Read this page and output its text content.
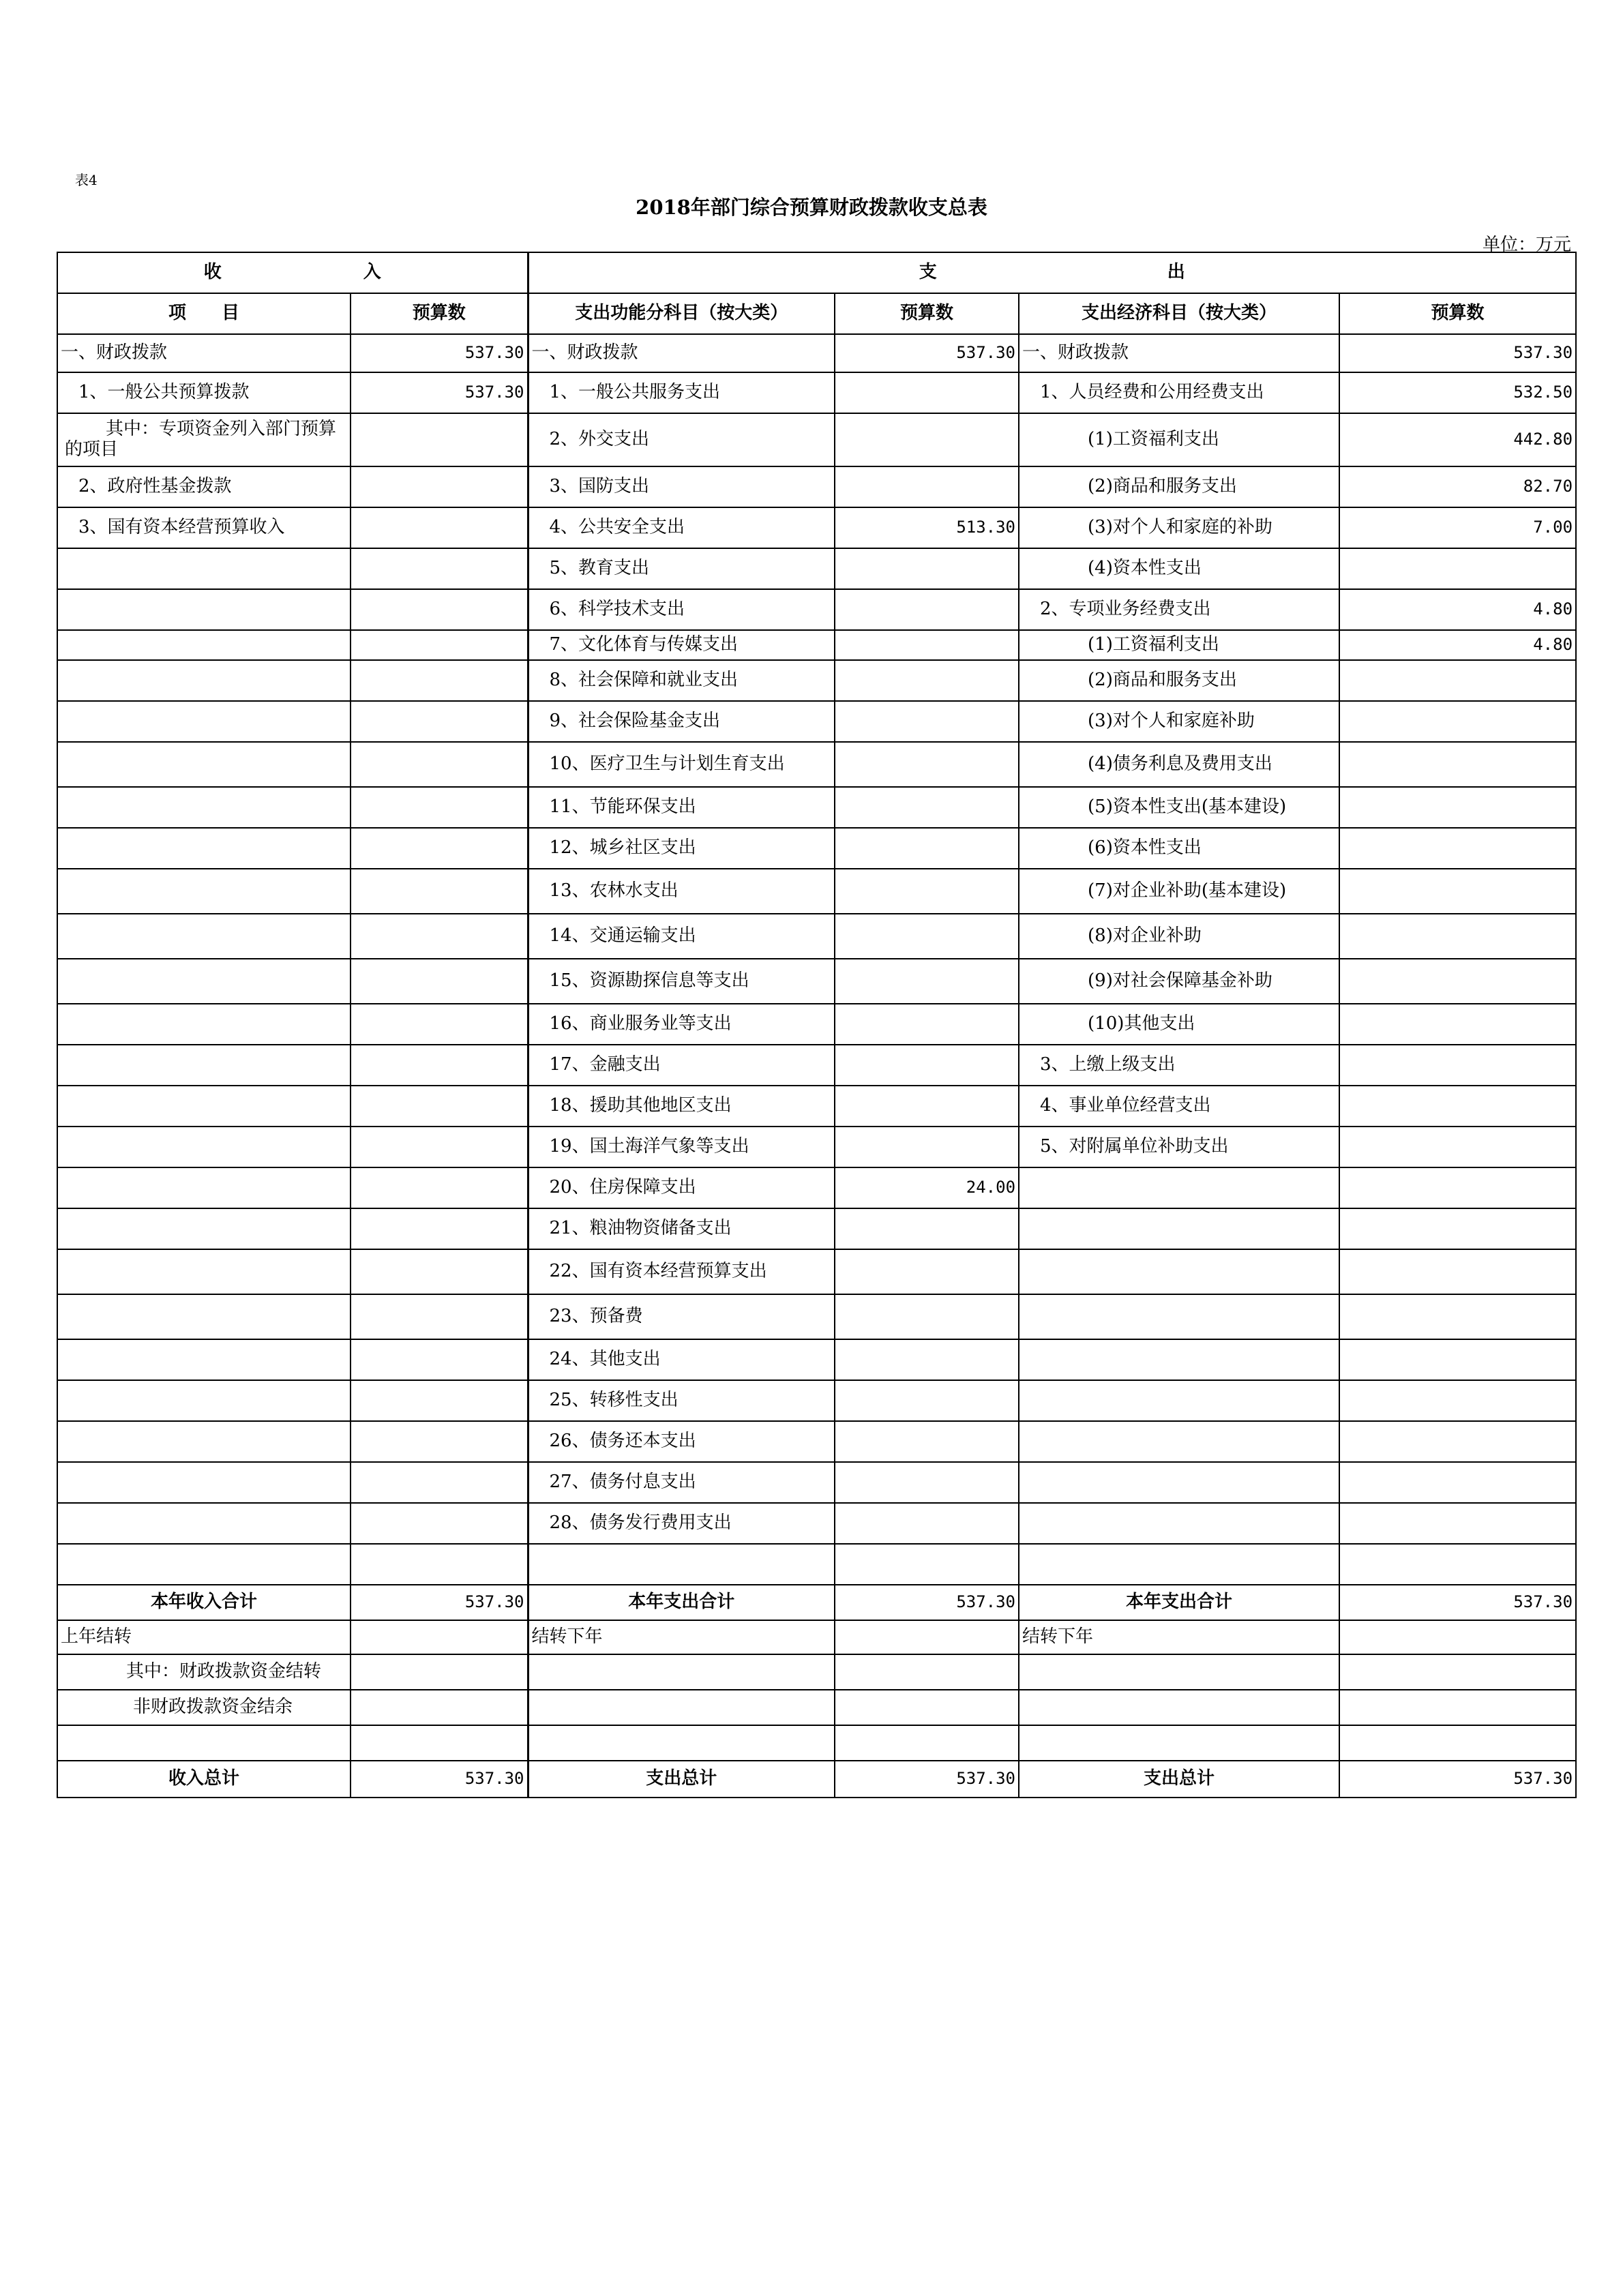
表4
2018年部门综合预算财政拨款收支总表
单位：万元
收　　　　　　　　入		支　　　　　　　　　　　　　出			
项　　目	预算数	支出功能分科目（按大类）	预算数	支出经济科目（按大类）	预算数
一、财政拨款	537.30	一、财政拨款	537.30	一、财政拨款	537.30
1、一般公共预算拨款	537.30	1、一般公共服务支出		1、人员经费和公用经费支出	532.50
其中：专项资金列入部门预算的项目		2、外交支出		(1)工资福利支出	442.80
2、政府性基金拨款		3、国防支出		(2)商品和服务支出	82.70
3、国有资本经营预算收入		4、公共安全支出	513.30	(3)对个人和家庭的补助	7.00
		5、教育支出		(4)资本性支出	
		6、科学技术支出		2、专项业务经费支出	4.80
		7、文化体育与传媒支出		(1)工资福利支出	4.80
		8、社会保障和就业支出		(2)商品和服务支出	
		9、社会保险基金支出		(3)对个人和家庭补助	
		10、医疗卫生与计划生育支出		(4)债务利息及费用支出	
		11、节能环保支出		(5)资本性支出(基本建设)	
		12、城乡社区支出		(6)资本性支出	
		13、农林水支出		(7)对企业补助(基本建设)	
		14、交通运输支出		(8)对企业补助	
		15、资源勘探信息等支出		(9)对社会保障基金补助	
		16、商业服务业等支出		(10)其他支出	
		17、金融支出		3、上缴上级支出	
		18、援助其他地区支出		4、事业单位经营支出	
		19、国土海洋气象等支出		5、对附属单位补助支出	
		20、住房保障支出	24.00		
		21、粮油物资储备支出			
		22、国有资本经营预算支出			
		23、预备费			
		24、其他支出			
		25、转移性支出			
		26、债务还本支出			
		27、债务付息支出			
		28、债务发行费用支出			

本年收入合计	537.30	本年支出合计	537.30	本年支出合计	537.30
上年结转		结转下年		结转下年	
其中：财政拨款资金结转					
非财政拨款资金结余					

收入总计	537.30	支出总计	537.30	支出总计	537.30
